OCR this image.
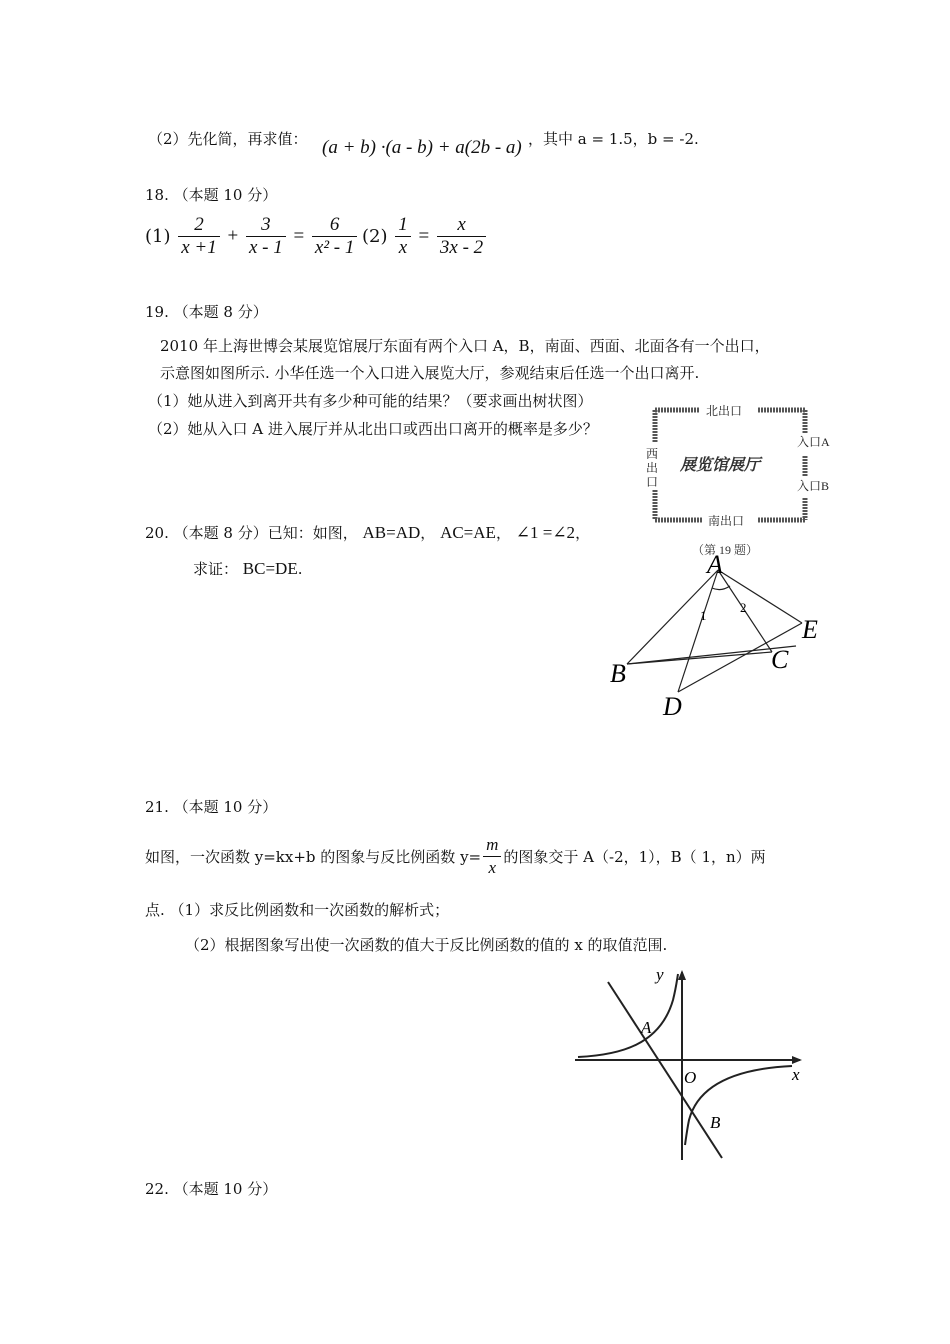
（2）先化简，再求值： (a + b) ·(a - b) + a(2b - a) ，其中 a = 1.5，b = -2.
18. （本题 10 分）
$(1) \frac{2}{x +1} + \frac{3}{x - 1} = \frac{6}{\text{x² - 1}} (2) \frac{1}{x} = \frac{x}{3x - 2}$
19. （本题 8 分）
2010 年上海世博会某展览馆展厅东面有两个入口 A，B，南面、西面、北面各有一个出口，
示意图如图所示. 小华任选一个入口进入展览大厅，参观结束后任选一个出口离开.
（1）她从进入到离开共有多少种可能的结果？（要求画出树状图）
（2）她从入口 A 进入展厅并从北出口或西出口离开的概率是多少？
北出口
南出口
西
出
口
入口A
入口B
展览馆展厅
（第 19 题）
20. （本题 8 分）已知：如图， AB=AD， AC=AE， ∠1 =∠2，
求证： BC=DE.	A
B	C
D
E
1
2
21. （本题 10 分）
如图，一次函数 y=kx+b 的图象与反比例函数 $y= \frac{m}{x}$ 的图象交于 A（-2，1），B（ 1，n）两
点. （1）求反比例函数和一次函数的解析式；
（2）根据图象写出使一次函数的值大于反比例函数的值的 x 的取值范围.
y
x
O
A
B
22. （本题 10 分）
